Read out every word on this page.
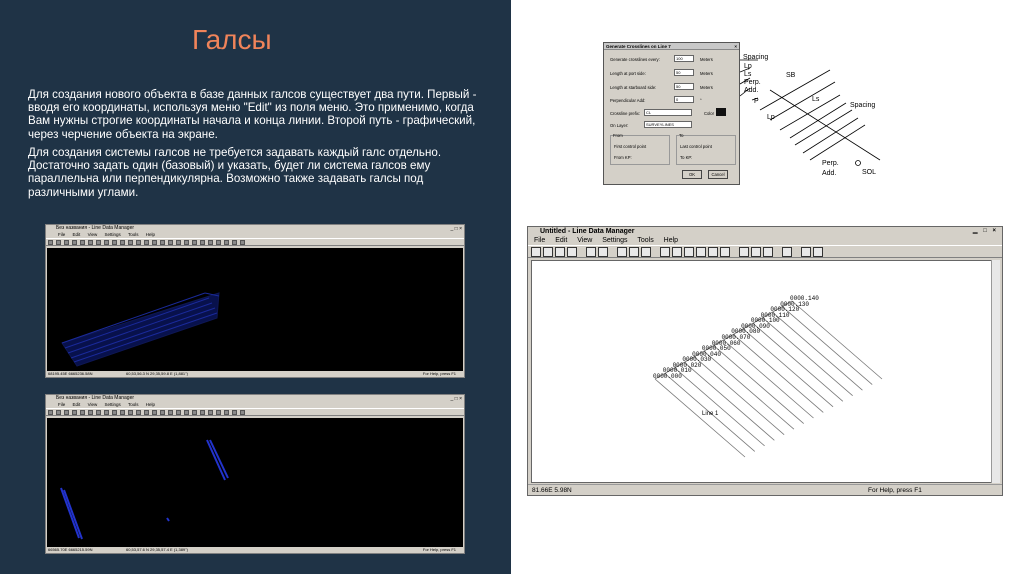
Галсы
Для создания нового объекта в базе данных галсов существует два пути. Первый - вводя его координаты, используя меню "Edit" из поля меню. Это применимо, когда Вам нужны строгие координаты начала и конца линии. Второй путь - графический, через черчение объекта на экране.
Для создания системы галсов не требуется задавать каждый галс отдельно. Достаточно задать один (базовый) и указать, будет ли система галсов ему параллельна или перпендикулярна. Возможно также задавать галсы под различными углами.
Без названия - Line Data Manager	_ □ ×
File Edit View Settings Tools Help
68195.45E 6665236.58N	60,53,56.3 N 29,35,59.8 E (1,881")	For Help, press F1
Без названия - Line Data Manager	_ □ ×
File Edit View Settings Tools Help
66565.70E 6665215.59N	60,53,57.6 N 29,35,57.4 E (1,389")	For Help, press F1
Generate Crosslines on Line 7	×
Generate crosslines every:	100	Meters
Length at port side:	50	Meters
Length at starboard side:	50	Meters
Perpendicular Add:	0	°
Crossline prefix:	CL	Color
On Layer:	SURVEYLINES
From
First control point
From KP:
To
Last control point
To KP:
OK	Cancel
Spacing
Lp
Ls
Perp.
Add.
SB
Ls
Spacing
Lp
P
Perp.
Add.	SOL
Untitled - Line Data Manager	▁ □ ×
File Edit View Settings Tools Help
0000.140
0000.130
0000.120
0000.110
0000.100
0000.090
0000.080
0000.070
0000.060
0000.050
0000.040
0000.030
0000.020
0000.010
0000.000
Line 1
81.66E 5.98N	For Help, press F1
